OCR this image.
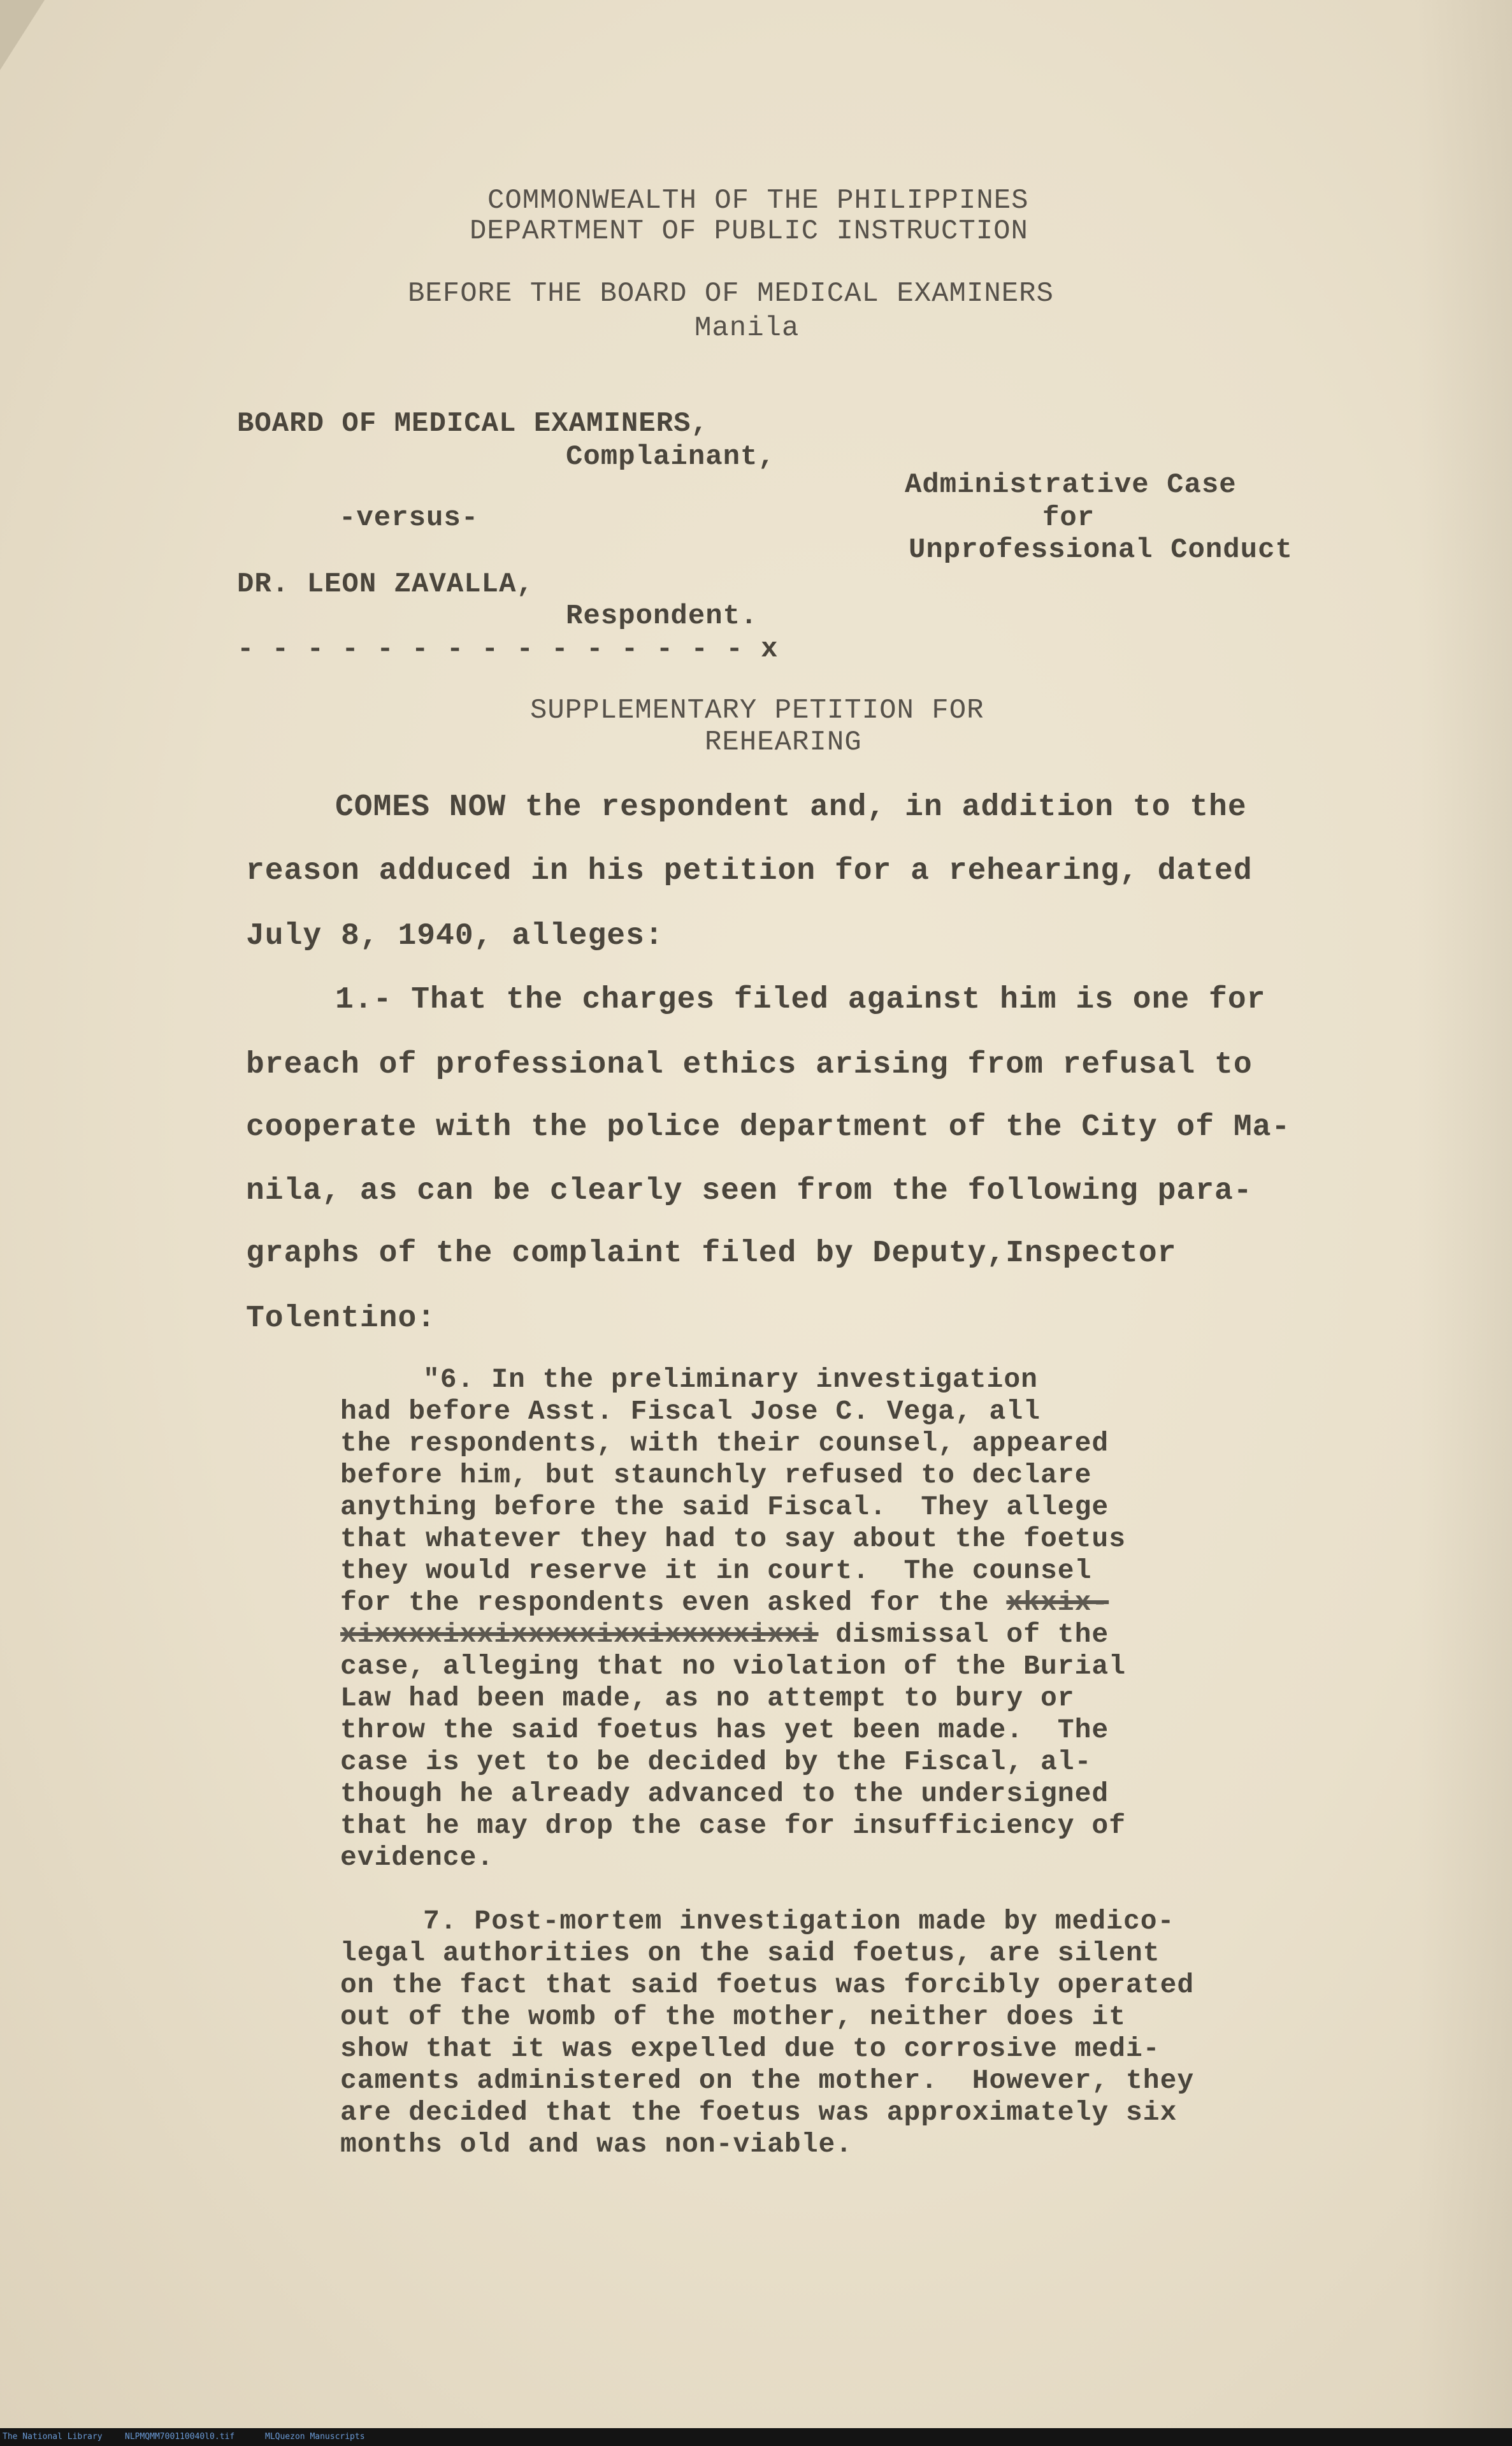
COMMONWEALTH OF THE PHILIPPINES
DEPARTMENT OF PUBLIC INSTRUCTION
BEFORE THE BOARD OF MEDICAL EXAMINERS
Manila
BOARD OF MEDICAL EXAMINERS,
Complainant,
-versus-
DR. LEON ZAVALLA,
Respondent.
- - - - - - - - - - - - - - - x
Administrative Case
for
Unprofessional Conduct
SUPPLEMENTARY PETITION FOR
REHEARING
COMES NOW the respondent and, in addition to the
reason adduced in his petition for a rehearing, dated
July 8, 1940, alleges:
1.- That the charges filed against him is one for
breach of professional ethics arising from refusal to
cooperate with the police department of the City of Ma-
nila, as can be clearly seen from the following para-
graphs of the complaint filed by Deputy,Inspector
Tolentino:
"6. In the preliminary investigation
had before Asst. Fiscal Jose C. Vega, all
the respondents, with their counsel, appeared
before him, but staunchly refused to declare
anything before the said Fiscal.  They allege
that whatever they had to say about the foetus
they would reserve it in court.  The counsel
for the respondents even asked for the xkxix-
xixxxxixxixxxxxixxixxxxxixxi dismissal of the
case, alleging that no violation of the Burial
Law had been made, as no attempt to bury or
throw the said foetus has yet been made.  The
case is yet to be decided by the Fiscal, al-
though he already advanced to the undersigned
that he may drop the case for insufficiency of
evidence.
7. Post-mortem investigation made by medico-
legal authorities on the said foetus, are silent
on the fact that said foetus was forcibly operated
out of the womb of the mother, neither does it
show that it was expelled due to corrosive medi-
caments administered on the mother.  However, they
are decided that the foetus was approximately six
months old and was non-viable.
The National Library	NLPMQMM700110040l0.tif	MLQuezon Manuscripts
